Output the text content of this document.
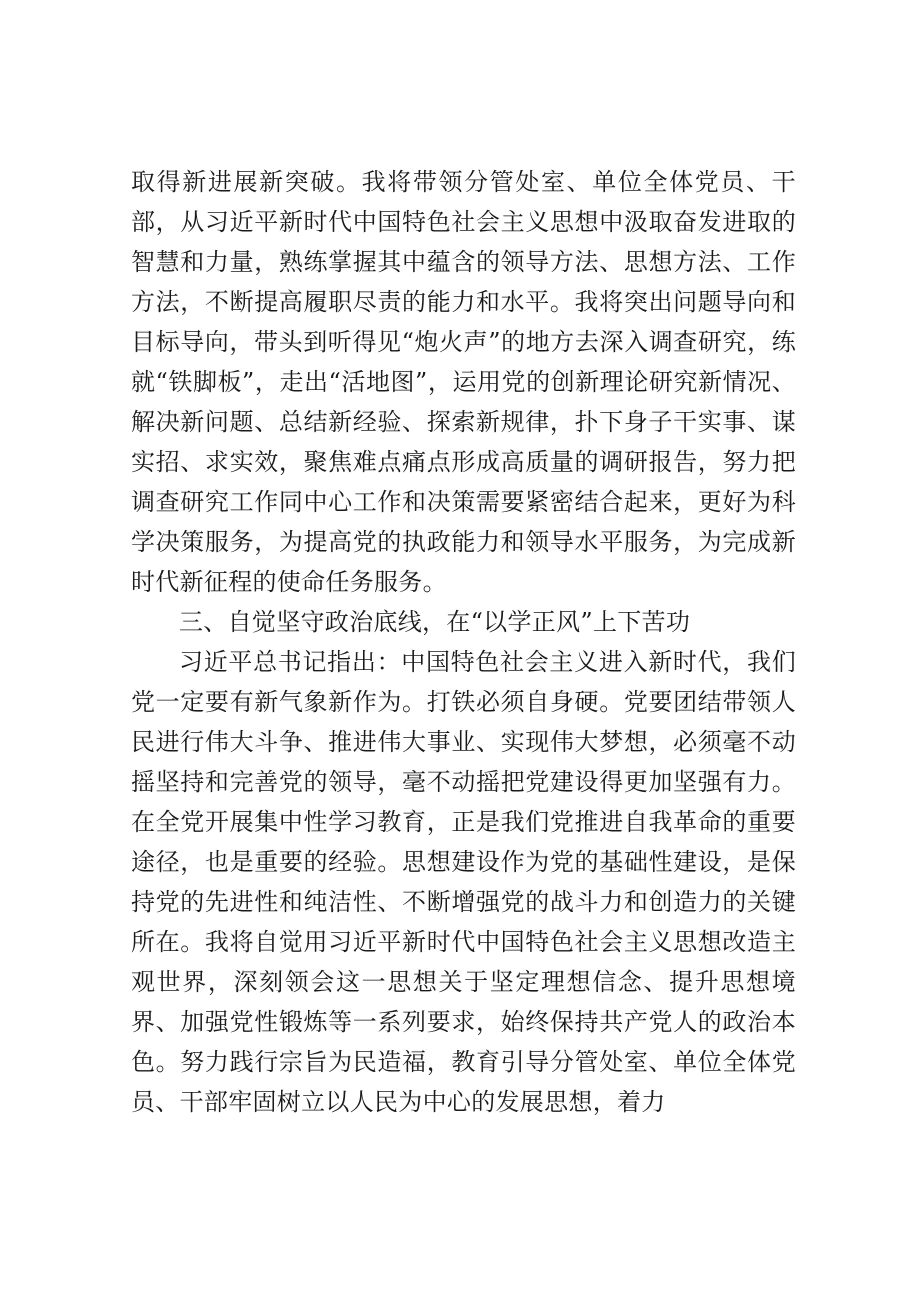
取得新进展新突破。我将带领分管处室、单位全体党员、干部，从习近平新时代中国特色社会主义思想中汲取奋发进取的智慧和力量，熟练掌握其中蕴含的领导方法、思想方法、工作方法，不断提高履职尽责的能力和水平。我将突出问题导向和目标导向，带头到听得见“炮火声”的地方去深入调查研究，练就“铁脚板”，走出“活地图”，运用党的创新理论研究新情况、解决新问题、总结新经验、探索新规律，扑下身子干实事、谋实招、求实效，聚焦难点痛点形成高质量的调研报告，努力把调查研究工作同中心工作和决策需要紧密结合起来，更好为科学决策服务，为提高党的执政能力和领导水平服务，为完成新时代新征程的使命任务服务。

三、自觉坚守政治底线，在“以学正风”上下苦功

习近平总书记指出：中国特色社会主义进入新时代，我们党一定要有新气象新作为。打铁必须自身硬。党要团结带领人民进行伟大斗争、推进伟大事业、实现伟大梦想，必须毫不动摇坚持和完善党的领导，毫不动摇把党建设得更加坚强有力。在全党开展集中性学习教育，正是我们党推进自我革命的重要途径，也是重要的经验。思想建设作为党的基础性建设，是保持党的先进性和纯洁性、不断增强党的战斗力和创造力的关键所在。我将自觉用习近平新时代中国特色社会主义思想改造主观世界，深刻领会这一思想关于坚定理想信念、提升思想境界、加强党性锻炼等一系列要求，始终保持共产党人的政治本色。努力践行宗旨为民造福，教育引导分管处室、单位全体党员、干部牢固树立以人民为中心的发展思想，着力
